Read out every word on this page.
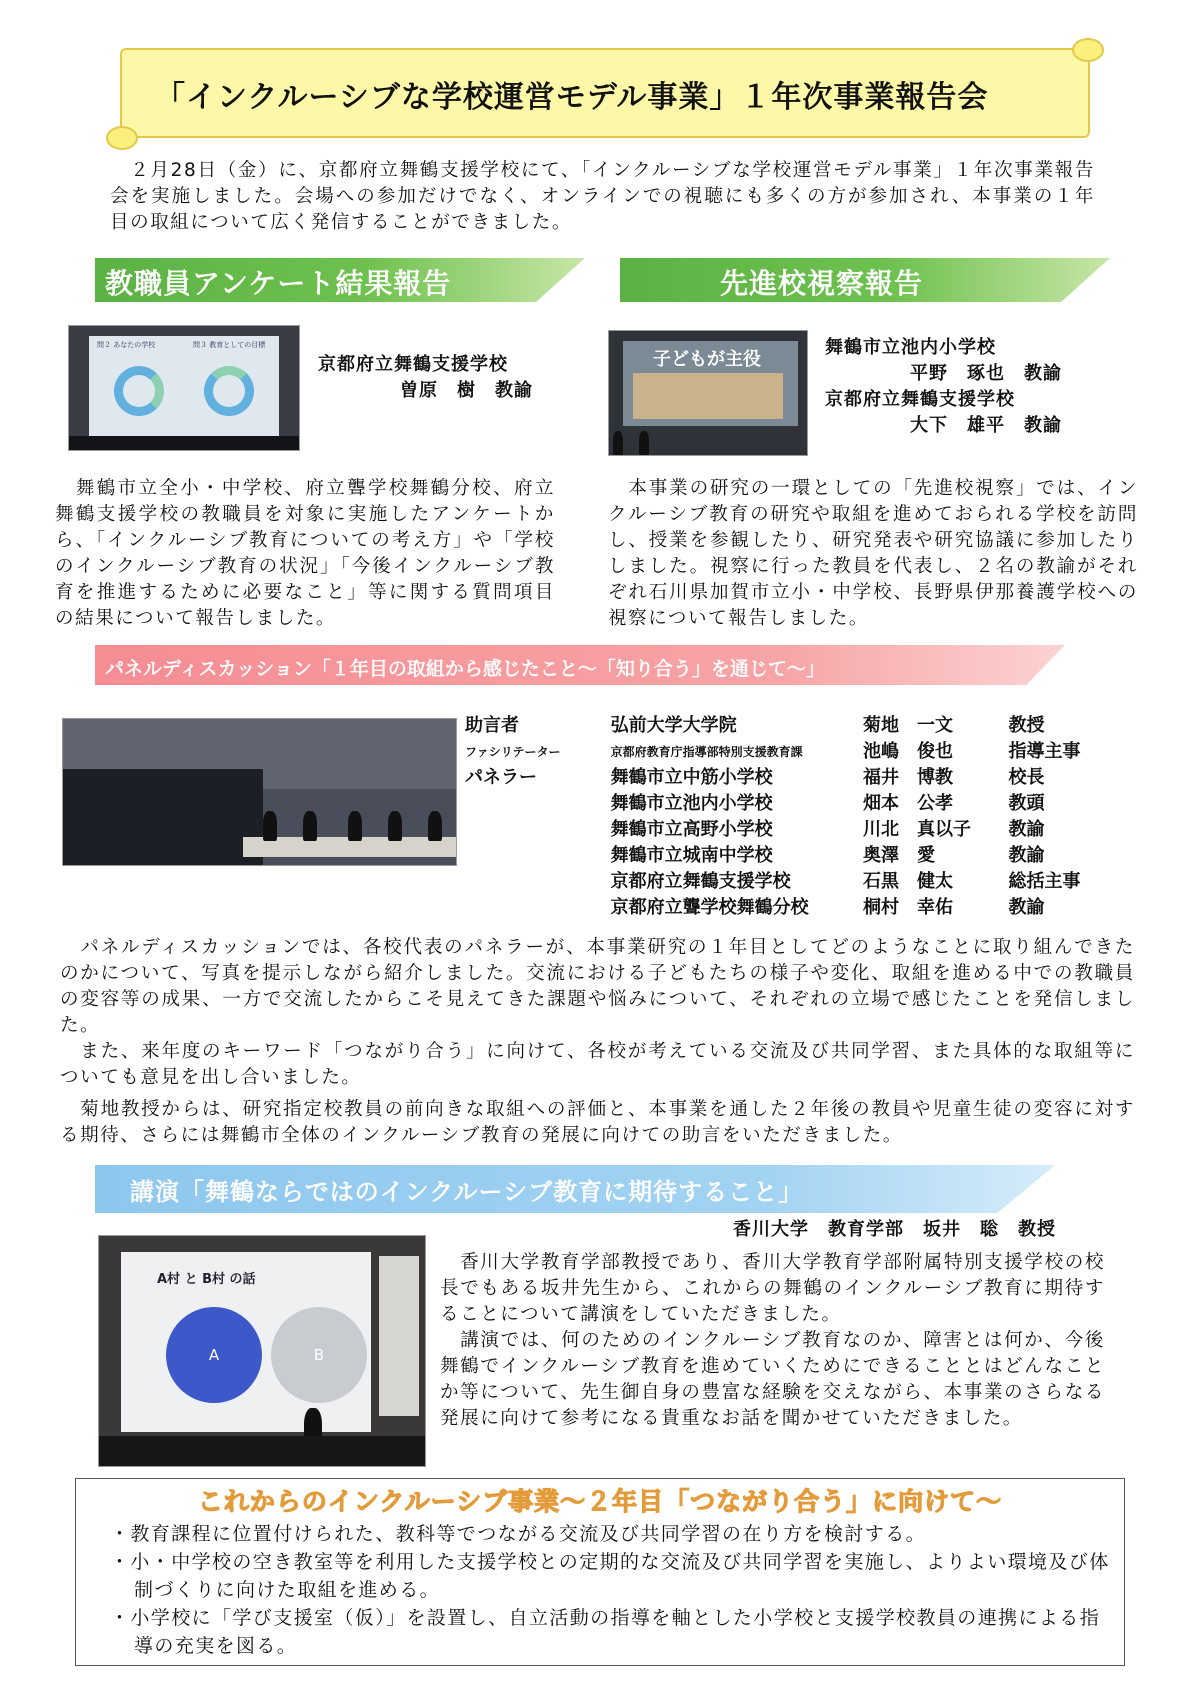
「インクルーシブな学校運営モデル事業」１年次事業報告会
　２月28日（金）に、京都府立舞鶴支援学校にて、「インクルーシブな学校運営モデル事業」１年次事業報告会を実施しました。会場への参加だけでなく、オンラインでの視聴にも多くの方が参加され、本事業の１年目の取組について広く発信することができました。
教職員アンケート結果報告
問２ あなたの学校	問３ 教育としての目標
京都府立舞鶴支援学校
曽原　樹　教諭
　舞鶴市立全小・中学校、府立聾学校舞鶴分校、府立舞鶴支援学校の教職員を対象に実施したアンケートから、「インクルーシブ教育についての考え方」や「学校のインクルーシブ教育の状況」「今後インクルーシブ教育を推進するために必要なこと」等に関する質問項目の結果について報告しました。
先進校視察報告
子どもが主役
舞鶴市立池内小学校
平野　琢也　教諭
京都府立舞鶴支援学校
大下　雄平　教諭
　本事業の研究の一環としての「先進校視察」では、インクルーシブ教育の研究や取組を進めておられる学校を訪問し、授業を参観したり、研究発表や研究協議に参加したりしました。視察に行った教員を代表し、２名の教諭がそれぞれ石川県加賀市立小・中学校、長野県伊那養護学校への視察について報告しました。
パネルディスカッション「１年目の取組から感じたこと～「知り合う」を通じて～」
助言者	弘前大学大学院	菊地　一文	教授
ファシリテーター	京都府教育庁指導部特別支援教育課	池嶋　俊也	指導主事
パネラー	舞鶴市立中筋小学校	福井　博教	校長
舞鶴市立池内小学校	畑本　公孝	教頭
舞鶴市立高野小学校	川北　真以子	教諭
舞鶴市立城南中学校	奥澤　愛	教諭
京都府立舞鶴支援学校	石黒　健太	総括主事
京都府立聾学校舞鶴分校	桐村　幸佑	教諭
　パネルディスカッションでは、各校代表のパネラーが、本事業研究の１年目としてどのようなことに取り組んできたのかについて、写真を提示しながら紹介しました。交流における子どもたちの様子や変化、取組を進める中での教職員の変容等の成果、一方で交流したからこそ見えてきた課題や悩みについて、それぞれの立場で感じたことを発信しました。
　また、来年度のキーワード「つながり合う」に向けて、各校が考えている交流及び共同学習、また具体的な取組等についても意見を出し合いました。
　菊地教授からは、研究指定校教員の前向きな取組への評価と、本事業を通した２年後の教員や児童生徒の変容に対する期待、さらには舞鶴市全体のインクルーシブ教育の発展に向けての助言をいただきました。
講演「舞鶴ならではのインクルーシブ教育に期待すること」
香川大学　教育学部　坂井　聡　教授
A村 と B村 の話
A	B
　香川大学教育学部教授であり、香川大学教育学部附属特別支援学校の校長でもある坂井先生から、これからの舞鶴のインクルーシブ教育に期待することについて講演をしていただきました。
　講演では、何のためのインクルーシブ教育なのか、障害とは何か、今後舞鶴でインクルーシブ教育を進めていくためにできることとはどんなことか等について、先生御自身の豊富な経験を交えながら、本事業のさらなる発展に向けて参考になる貴重なお話を聞かせていただきました。
これからのインクルーシブ事業～２年目「つながり合う」に向けて～
・教育課程に位置付けられた、教科等でつながる交流及び共同学習の在り方を検討する。
・小・中学校の空き教室等を利用した支援学校との定期的な交流及び共同学習を実施し、よりよい環境及び体制づくりに向けた取組を進める。
・小学校に「学び支援室（仮）」を設置し、自立活動の指導を軸とした小学校と支援学校教員の連携による指導の充実を図る。
